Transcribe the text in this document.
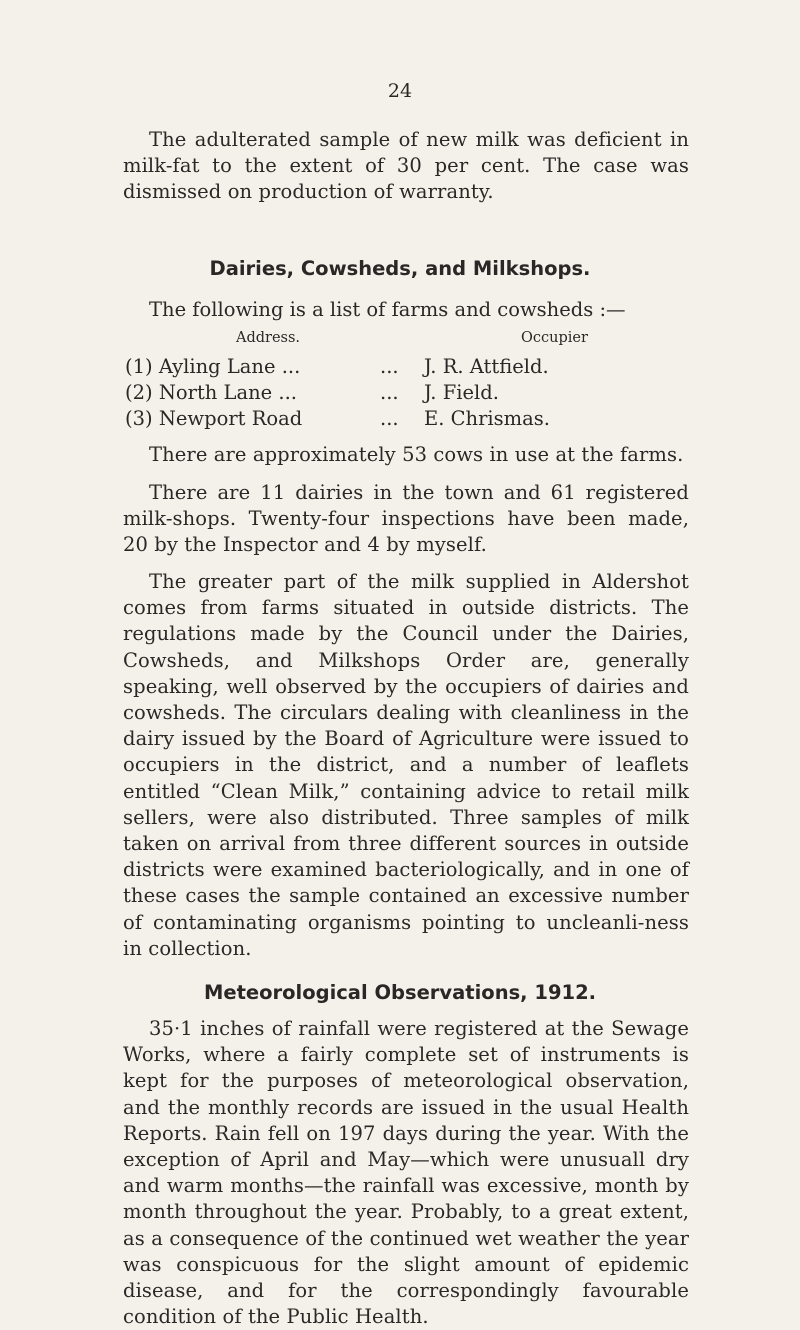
24

The adulterated sample of new milk was deficient in milk-fat to the extent of 30 per cent. The case was dismissed on production of warranty.

Dairies, Cowsheds, and Milkshops.

The following is a list of farms and cowsheds :—

Address.	Occupier

(1) Ayling Lane ...	... J. R. Attfield.
(2) North Lane ...	... J. Field.
(3) Newport Road	... E. Chrismas.

There are approximately 53 cows in use at the farms.

There are 11 dairies in the town and 61 registered milk-shops. Twenty-four inspections have been made, 20 by the Inspector and 4 by myself.

The greater part of the milk supplied in Aldershot comes from farms situated in outside districts. The regulations made by the Council under the Dairies, Cowsheds, and Milkshops Order are, generally speaking, well observed by the occupiers of dairies and cowsheds. The circulars dealing with cleanliness in the dairy issued by the Board of Agriculture were issued to occupiers in the district, and a number of leaflets entitled “Clean Milk,” containing advice to retail milk sellers, were also distributed. Three samples of milk taken on arrival from three different sources in outside districts were examined bacteriologically, and in one of these cases the sample contained an excessive number of contaminating organisms pointing to uncleanli-ness in collection.

Meteorological Observations, 1912.

35·1 inches of rainfall were registered at the Sewage Works, where a fairly complete set of instruments is kept for the purposes of meteorological observation, and the monthly records are issued in the usual Health Reports. Rain fell on 197 days during the year. With the exception of April and May—which were unusuall dry and warm months—the rainfall was excessive, month by month throughout the year. Probably, to a great extent, as a consequence of the continued wet weather the year was conspicuous for the slight amount of epidemic disease, and for the correspondingly favourable condition of the Public Health.
